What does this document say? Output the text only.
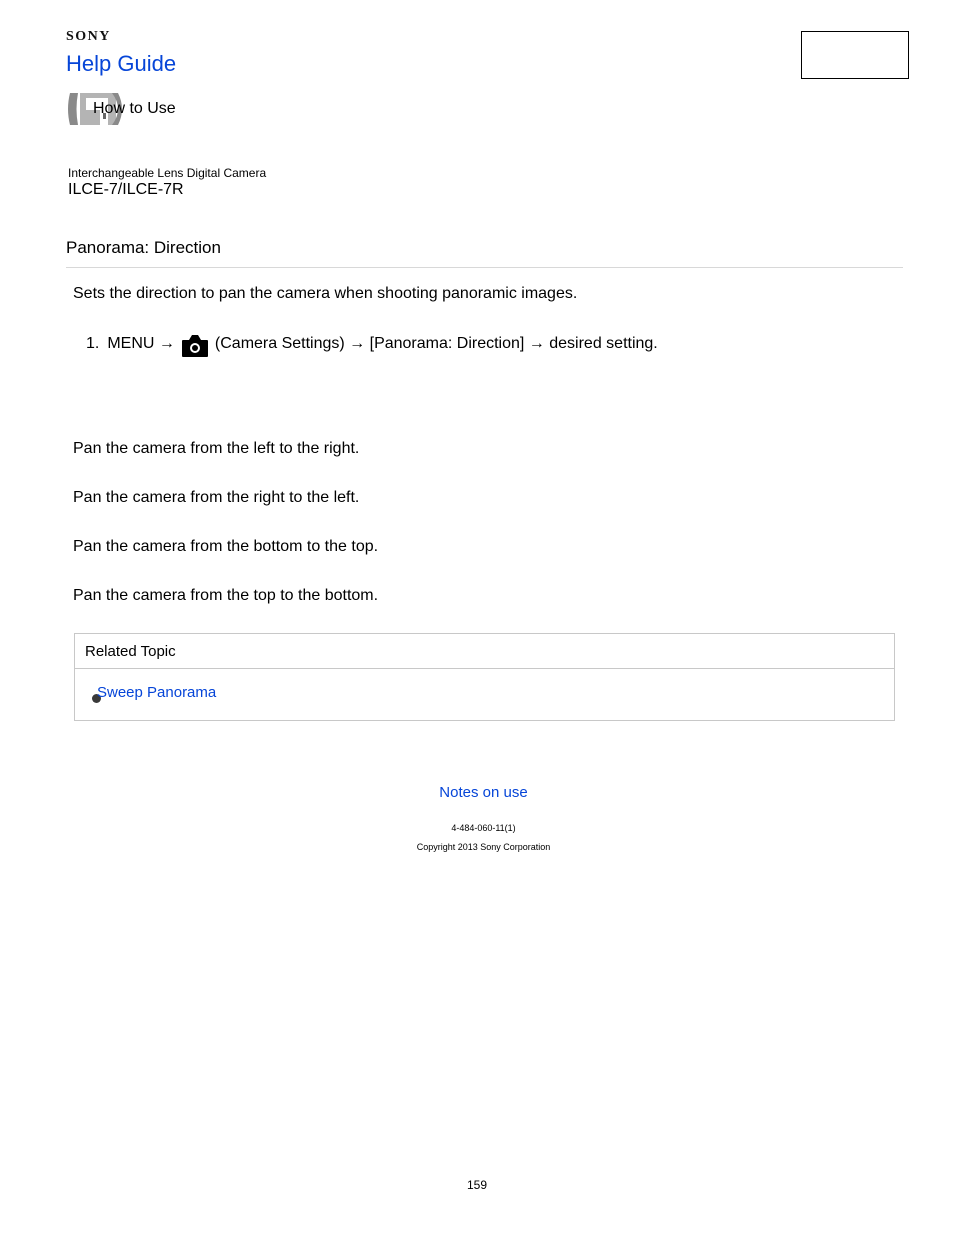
SONY
Help Guide
How to Use
Interchangeable Lens Digital Camera
ILCE-7/ILCE-7R
Panorama: Direction
Sets the direction to pan the camera when shooting panoramic images.
1. MENU →	(Camera Settings) → [Panorama: Direction] → desired setting.
Pan the camera from the left to the right.
Pan the camera from the right to the left.
Pan the camera from the bottom to the top.
Pan the camera from the top to the bottom.
Related Topic
Sweep Panorama
Notes on use
4-484-060-11(1)
Copyright 2013 Sony Corporation
159
